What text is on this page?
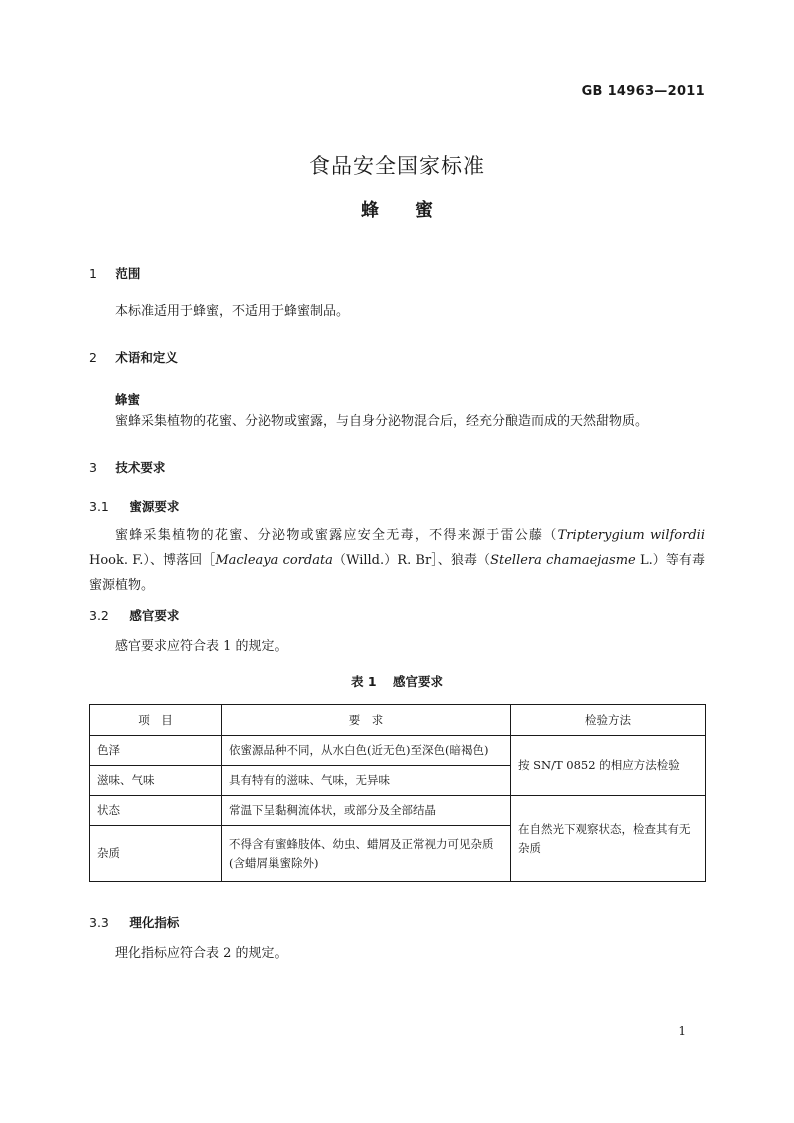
GB 14963—2011
食品安全国家标准
蜂　　蜜
1 范围
本标准适用于蜂蜜，不适用于蜂蜜制品。
2 术语和定义
蜂蜜
蜜蜂采集植物的花蜜、分泌物或蜜露，与自身分泌物混合后，经充分酿造而成的天然甜物质。
3 技术要求
3.1 蜜源要求
蜜蜂采集植物的花蜜、分泌物或蜜露应安全无毒，不得来源于雷公藤（Tripterygium wilfordii Hook. F.）、博落回［Macleaya cordata（Willd.）R. Br］、狼毒（Stellera chamaejasme L.）等有毒蜜源植物。
3.2 感官要求
感官要求应符合表 1 的规定。
表 1 感官要求
项　目	要　求	检验方法
色泽	依蜜源品种不同，从水白色(近无色)至深色(暗褐色)	按 SN/T 0852 的相应方法检验
滋味、气味	具有特有的滋味、气味，无异味	
状态	常温下呈黏稠流体状，或部分及全部结晶	在自然光下观察状态，检查其有无杂质
杂质	不得含有蜜蜂肢体、幼虫、蜡屑及正常视力可见杂质(含蜡屑巢蜜除外)	
3.3 理化指标
理化指标应符合表 2 的规定。
1
